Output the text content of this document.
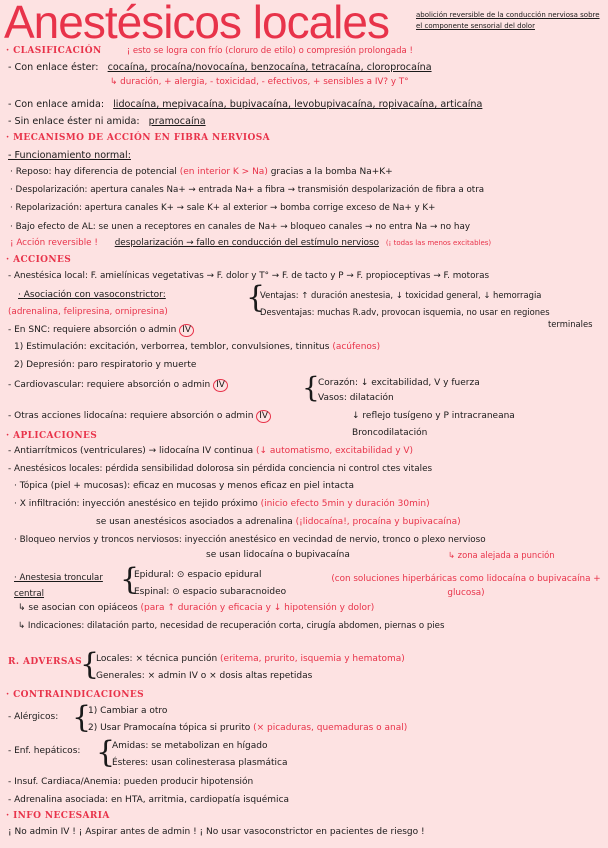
Anestésicos locales	abolición reversible de la conducción nerviosa sobre el componente sensorial del dolor
· CLASIFICACIÓN	¡ esto se logra con frío (cloruro de etilo) o compresión prolongada !
- Con enlace éster: cocaína, procaína/novocaína, benzocaína, tetracaína, cloroprocaína
↳ duración, + alergia, - toxicidad, - efectivos, + sensibles a IV? y T°
- Con enlace amida: lidocaína, mepivacaína, bupivacaína, levobupivacaína, ropivacaína, articaína
- Sin enlace éster ni amida: pramocaína
· MECANISMO DE ACCIÓN EN FIBRA NERVIOSA
- Funcionamiento normal:
· Reposo: hay diferencia de potencial (en interior K > Na) gracias a la bomba Na+K+
· Despolarización: apertura canales Na+ → entrada Na+ a fibra → transmisión despolarización de fibra a otra
· Repolarización: apertura canales K+ → sale K+ al exterior → bomba corrige exceso de Na+ y K+
· Bajo efecto de AL: se unen a receptores en canales de Na+ → bloqueo canales → no entra Na → no hay
¡ Acción reversible ! despolarización → fallo en conducción del estímulo nervioso (¡ todas las menos excitables)
· ACCIONES
- Anestésica local: F. amielínicas vegetativas → F. dolor y T° → F. de tacto y P → F. propioceptivas → F. motoras
· Asociación con vasoconstrictor:	{
Ventajas: ↑ duración anestesia, ↓ toxicidad general, ↓ hemorragia
(adrenalina, felipresina, ornipresina)	Desventajas: muchas R.adv, provocan isquemia, no usar en regiones
terminales
- En SNC: requiere absorción o admin IV
1) Estimulación: excitación, verborrea, temblor, convulsiones, tinnitus (acúfenos)
2) Depresión: paro respiratorio y muerte
- Cardiovascular: requiere absorción o admin IV	{
Corazón: ↓ excitabilidad, V y fuerza
Vasos: dilatación
- Otras acciones lidocaína: requiere absorción o admin IV	↓ reflejo tusígeno y P intracraneana
Broncodilatación
· APLICACIONES
- Antiarrítmicos (ventriculares) → lidocaína IV continua (↓ automatismo, excitabilidad y V)
- Anestésicos locales: pérdida sensibilidad dolorosa sin pérdida conciencia ni control ctes vitales
· Tópica (piel + mucosas): eficaz en mucosas y menos eficaz en piel intacta
· X infiltración: inyección anestésico en tejido próximo (inicio efecto 5min y duración 30min)
se usan anestésicos asociados a adrenalina (¡lidocaína!, procaína y bupivacaína)
· Bloqueo nervios y troncos nerviosos: inyección anestésico en vecindad de nervio, tronco o plexo nervioso
se usan lidocaína o bupivacaína	↳ zona alejada a punción
· Anestesia troncular central	{
Epidural: ⊙ espacio epidural
Espinal: ⊙ espacio subaracnoideo
(con soluciones hiperbáricas como lidocaína o bupivacaína + glucosa)
↳ se asocian con opiáceos (para ↑ duración y eficacia y ↓ hipotensión y dolor)
↳ Indicaciones: dilatación parto, necesidad de recuperación corta, cirugía abdomen, piernas o pies
R. ADVERSAS
{
Locales: × técnica punción (eritema, prurito, isquemia y hematoma)
Generales: × admin IV o × dosis altas repetidas
· CONTRAINDICACIONES
- Alérgicos: {
1) Cambiar a otro
2) Usar Pramocaína tópica si prurito (× picaduras, quemaduras o anal)
- Enf. hepáticos: {
Amidas: se metabolizan en hígado
Ésteres: usan colinesterasa plasmática
- Insuf. Cardiaca/Anemia: pueden producir hipotensión
- Adrenalina asociada: en HTA, arritmia, cardiopatía isquémica
· INFO NECESARIA
¡ No admin IV ! ¡ Aspirar antes de admin ! ¡ No usar vasoconstrictor en pacientes de riesgo !
